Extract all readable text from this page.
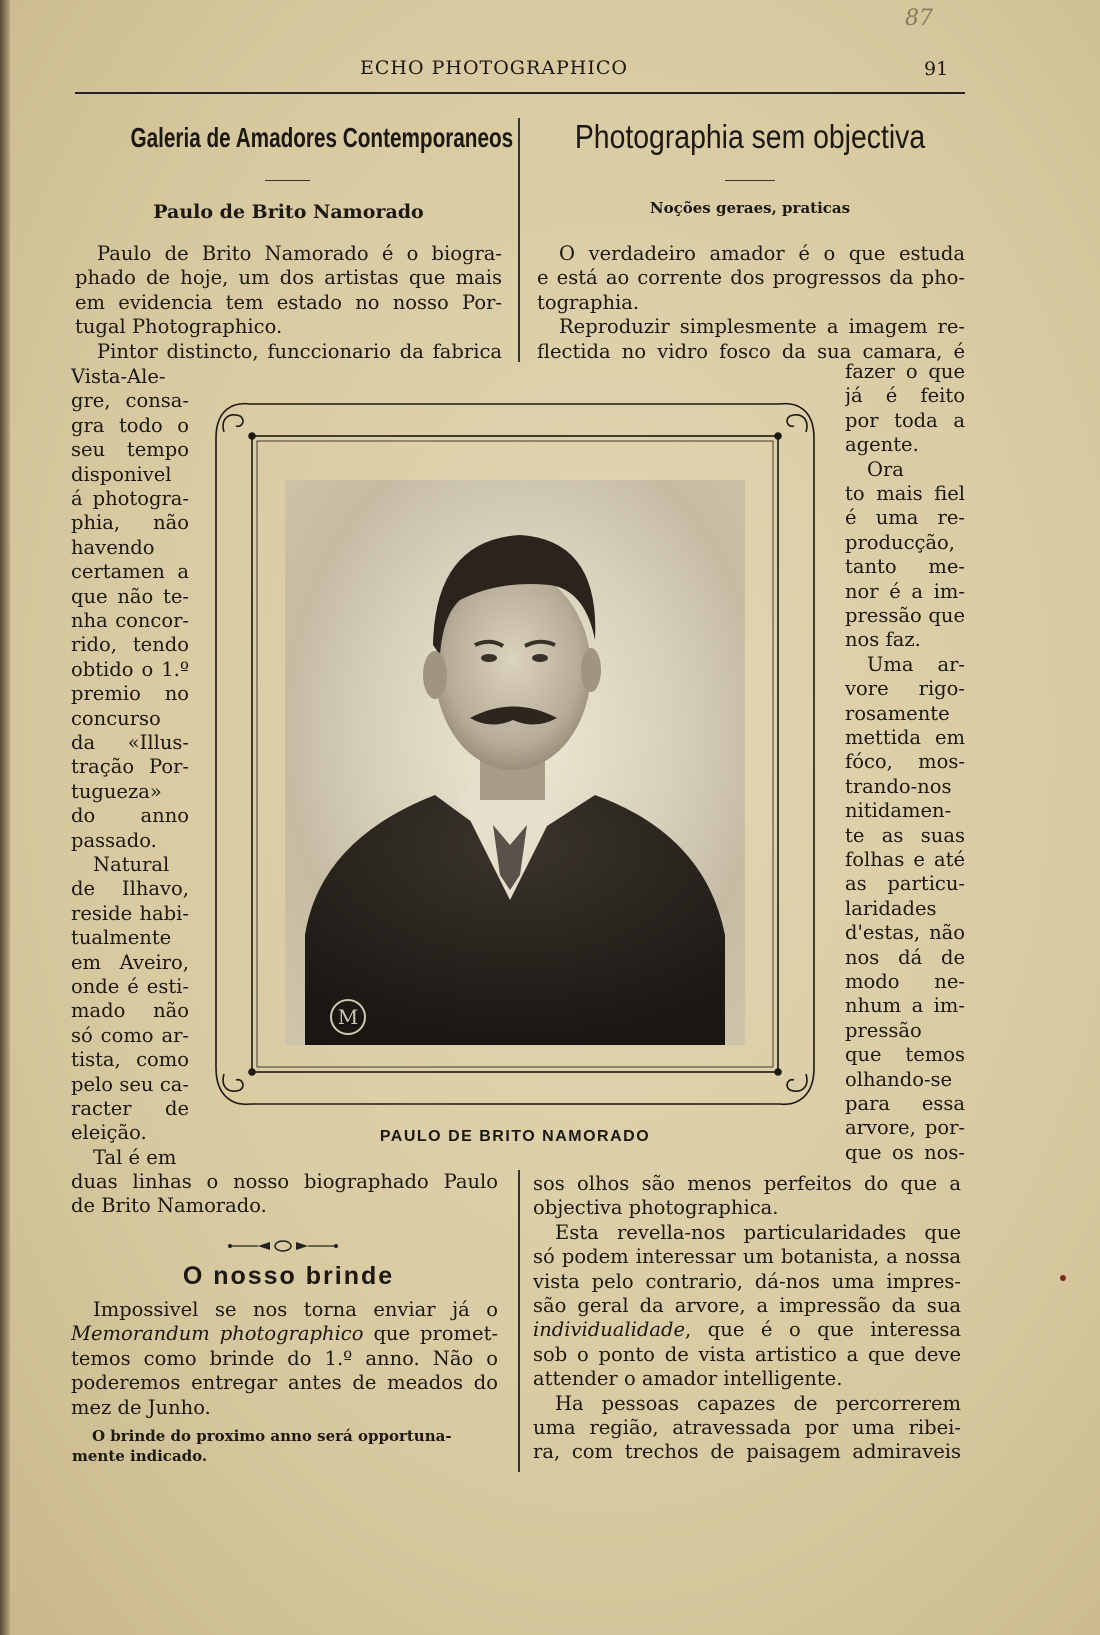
87
ECHO PHOTOGRAPHICO	91
Galeria de Amadores Contemporaneos
Paulo de Brito Namorado
Photographia sem objectiva
Noções geraes, praticas
Paulo de Brito Namorado é o biogra-
phado de hoje, um dos artistas que mais
em evidencia tem estado no nosso Por-
tugal Photographico.
Pintor distincto, funccionario da fabrica
Vista-Ale-
gre, consa-
gra todo o
seu tempo
disponivel
á photogra-
phia, não
havendo
certamen a
que não te-
nha concor-
rido, tendo
obtido o 1.º
premio no
concurso
da «Illus-
tração Por-
tugueza»
do anno
passado.
Natural
de Ilhavo,
reside habi-
tualmente
em Aveiro,
onde é esti-
mado não
só como ar-
tista, como
pelo seu ca-
racter de
eleição.
Tal é em
duas linhas o nosso biographado Paulo
de Brito Namorado.
O verdadeiro amador é o que estuda
e está ao corrente dos progressos da pho-
tographia.
Reproduzir simplesmente a imagem re-
flectida no vidro fosco da sua camara, é
fazer o que
já é feito
por toda a
agente.
Ora
to mais fiel
é uma re-
producção,
tanto me-
nor é a im-
pressão que
nos faz.
Uma ar-
vore rigo-
rosamente
mettida em
fóco, mos-
trando-nos
nitidamen-
te as suas
folhas e até
as particu-
laridades
d'estas, não
nos dá de
modo ne-
nhum a im-
pressão
que temos
olhando-se
para essa
arvore, por-
que os nos-
sos olhos são menos perfeitos do que a
objectiva photographica.
Esta revella-nos particularidades que
só podem interessar um botanista, a nossa
vista pelo contrario, dá-nos uma impres-
são geral da arvore, a impressão da sua
individualidade, que é o que interessa
sob o ponto de vista artistico a que deve
attender o amador intelligente.
Ha pessoas capazes de percorrerem
uma região, atravessada por uma ribei-
ra, com trechos de paisagem admiraveis
O nosso brinde
Impossivel se nos torna enviar já o
Memorandum photographico que promet-
temos como brinde do 1.º anno. Não o
poderemos entregar antes de meados do
mez de Junho.
O brinde do proximo anno será opportuna-
mente indicado.
M
PAULO DE BRITO NAMORADO
